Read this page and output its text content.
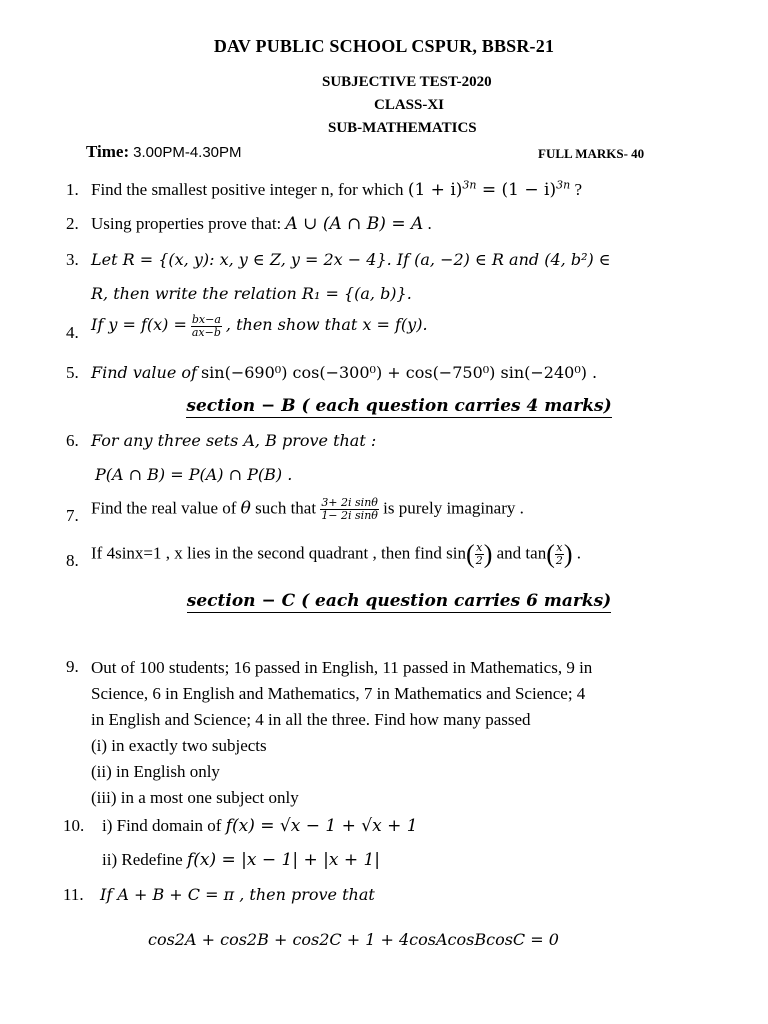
DAV PUBLIC SCHOOL CSPUR, BBSR-21
SUBJECTIVE TEST-2020
CLASS-XI
SUB-MATHEMATICS
Time: 3.00PM-4.30PM	FULL MARKS- 40
1. Find the smallest positive integer n, for which $(1 + i)^{3n} = (1 - i)^{3n}$ ?
2. Using properties prove that: A ∪ (A ∩ B) = A .
3. Let R = {(x, y): x, y ∈ Z, y = 2x − 4}. If (a, −2) ∈ R and (4, b²) ∈
R, then write the relation R₁ = {(a, b)}.
4. If $y = f(x) = \frac{bx-a}{ax-b}$ , then show that x = f(y).
5. Find value of sin(−690⁰) cos(−300⁰) + cos(−750⁰) sin(−240⁰) .
section − B ( each question carries 4 marks)
6. For any three sets A, B prove that :
P(A ∩ B) = P(A) ∩ P(B) .
7. Find the real value of θ such that $\frac{\text{3+ 2i sinθ}}{\text{1− 2i sinθ}}$ is purely imaginary .
8. If 4sinx=1 , x lies in the second quadrant , then find $\sin( \frac{x}{2}$ ) and $\tan( \frac{x}{2}$ ) .
section − C ( each question carries 6 marks)
9. Out of 100 students; 16 passed in English, 11 passed in Mathematics, 9 in
Science, 6 in English and Mathematics, 7 in Mathematics and Science; 4
in English and Science; 4 in all the three. Find how many passed
(i) in exactly two subjects
(ii) in English only
(iii) in a most one subject only
10. i) Find domain of f(x) = √x − 1 + √x + 1
ii) Redefine f(x) = |x − 1| + |x + 1|
11. If A + B + C = π , then prove that
cos2A + cos2B + cos2C + 1 + 4cosAcosBcosC = 0
